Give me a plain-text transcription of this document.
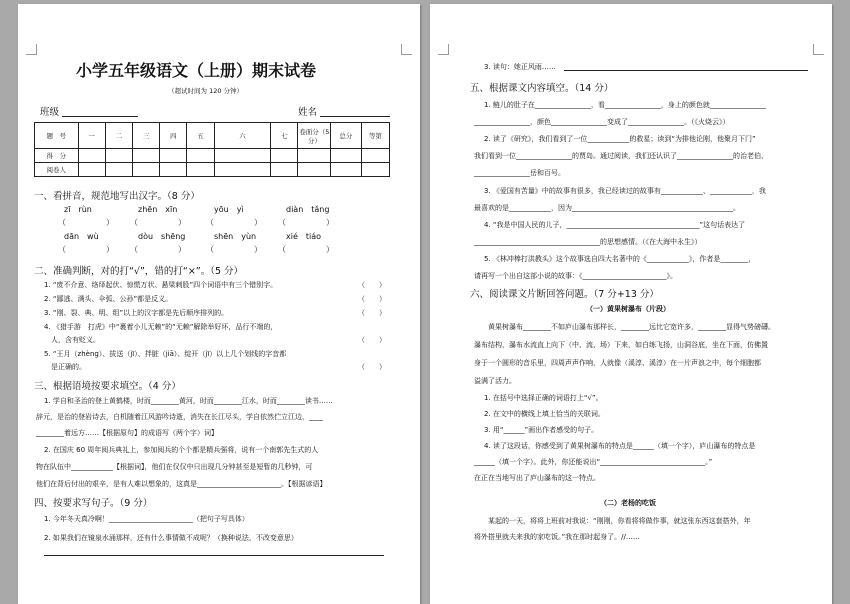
小学五年级语文（上册）期末试卷
（超试时间为 120 分钟）
班级	姓名
题　号	一	二	三	四	五	六	七	卷面分（5分）	总分	等第
得　分										
阅卷人										
一、看拼音，规范地写出汉字。（8 分）
zī　rùn	zhēn　xīn	yōu　yì	diàn　tǎng
（　　　　　） （　　　　　）	（　　　　　） （　　　　　）
dān　wù	dòu　shēng	shēn　yùn	xié　tiáo
（　　　　　） （　　　　　）	（　　　　　） （　　　　　）
二、准确判断，对的打“√”，错的打“×”。（5 分）
1. “废不介意、络绎起伏、惊慌万状、悬梁刺股”四个词语中有三个错别字。	（　　）
2. “鄙逃、满头、伞弧、公孙”都是反义。	（　　）
3. “刚、裂、典、明、组”以上的汉字都是先后顺序排列的。	（　　）
4. 《猎手游　打虎》中“裹着小儿无赖”的“无赖”解除举好坏，品行不端的，
　人，含有贬义。	（　　）
5. “王月（zhèng）、拔送（jī）、拌脏（jiā）、绽开（jī）以上几个划线的字音都
　是正确的。	（　　）
三、根据语境按要求填空。（4 分）
1. 学自和圣治的登上黄鹤楼，时而________黄河，时而________江水，时而________读书……
辞元，是治的登岩诗去，白机随着江风游吟诗逝，消失在长江尽头，学自依然伫立江边，____
________着远方……【根据原句】的成语写（两个字）词】
2. 在国庆 60 周年阅兵典礼上，参加阅兵的个个都是精兵强将，说有一个南郭先生式的人
物在队伍中____________【根据词】，他们在仅仅中只出现几分钟甚至是短暂的几秒钟，可
他们在背后付出的艰辛，是有人难以想象的，这真是________________________。【根据谚语】
四、按要求写句子。（9 分）
1. 今年冬天真冷啊！________________________（把句子写具体）
2. 如果我们在镜泉水涌那样，还有什么事情做不成呢？（换种说法，不改变意思）
3. 读句：她正风雨……
五、根据课文内容填空。（14 分）
1. 鲢儿的肚子在________________，看________________，身上的颜色就________________
________________，颜色________________变成了________________。（《火烧云》）
2. 读了《研究》，我们看到了一位____________的救星；读到“为排他论刚，他聚月下门”
我们看到一位________________的贾岛。通过阅读，我们还认识了________________的治老伯、
________________岳和百号。
3. 《爱国有苦量》中的故事有很多，我已经读过的故事有____________、____________，我
最喜欢的是____________，因为______________________________________________。
4. “我是中国人民的儿子，______________________________________”这句话表达了
____________________________________的思想感情。（《在大海中永生》）
5. 《林冲棒打洪教头》这个故事选自四大名著中的《____________》，作者是________，
请再写一个出自这部小说的故事：《________________________》。
六、阅读课文片断回答问题。（7 分+13 分）
（一）黄果树瀑布（片段）
　　黄果树瀑布________不如庐山瀑布那样长，________远比它宽许多，________显得气势磅礴。
瀑布结构，瀑布水流直上向下（中、流、场）下来，如白练飞扬，山洞谷底，坐在下面，仿佛置
身于一个圆形的音乐里，四周声声作响，人就像（溪淳、溪淳）在一片声浪之中，每个细胞都
溢满了活力。
1. 在括号中选择正确的词语打上“√”。
2. 在文中的横线上填上恰当的关联词。
3. 用“______”画出作者感受的句子。
4. 读了这段话，你感受到了黄果树瀑布的特点是______（填一个字），庐山瀑布的特点是
______（填一个字）。此外，你还能说出“______________________________。”
在正在当地写出了庐山瀑布的这一特点。
（二）老杨的吃饭
　　某起的一天，将将上班前对我说：“刚刚，你看将将做作事，就这张东西这套搭外，年
将外搭里就夫来我的家吃饭。”我在那时起身了。//……
